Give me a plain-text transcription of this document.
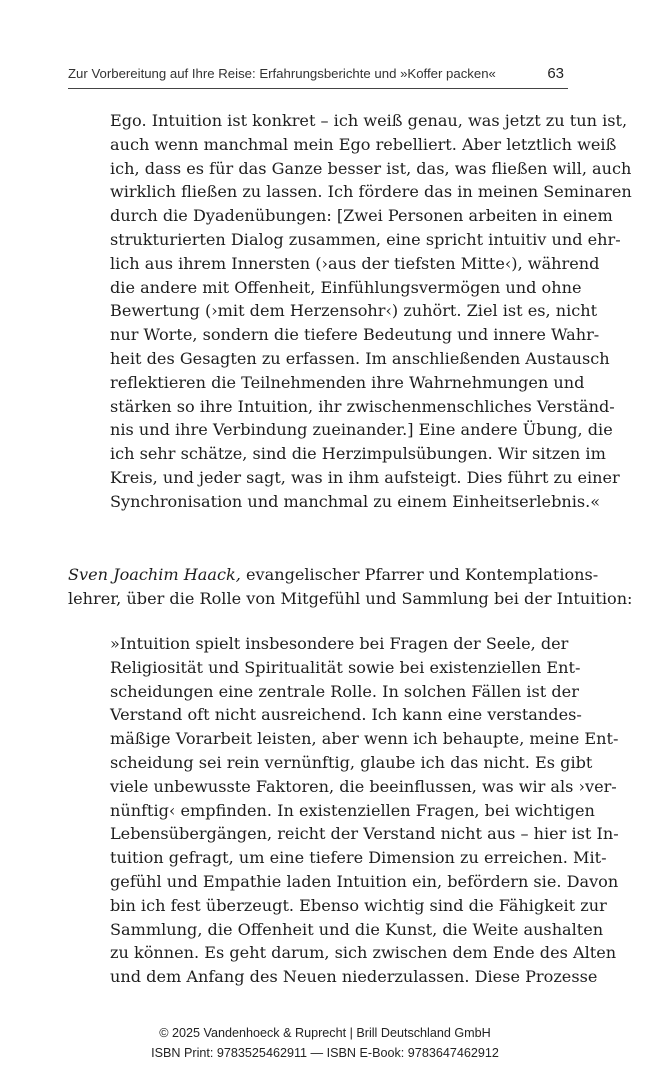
Zur Vorbereitung auf Ihre Reise: Erfahrungsberichte und »Koffer packen«	63
Ego. Intuition ist konkret – ich weiß genau, was jetzt zu tun ist,
auch wenn manchmal mein Ego rebelliert. Aber letztlich weiß
ich, dass es für das Ganze besser ist, das, was fließen will, auch
wirklich fließen zu lassen. Ich fördere das in meinen Seminaren
durch die Dyadenübungen: [Zwei Personen arbeiten in einem
strukturierten Dialog zusammen, eine spricht intuitiv und ehr-
lich aus ihrem Innersten (›aus der tiefsten Mitte‹), während
die andere mit Offenheit, Einfühlungsvermögen und ohne
Bewertung (›mit dem Herzensohr‹) zuhört. Ziel ist es, nicht
nur Worte, sondern die tiefere Bedeutung und innere Wahr-
heit des Gesagten zu erfassen. Im anschließenden Austausch
reflektieren die Teilnehmenden ihre Wahrnehmungen und
stärken so ihre Intuition, ihr zwischenmenschliches Verständ-
nis und ihre Verbindung zueinander.] Eine andere Übung, die
ich sehr schätze, sind die Herzimpulsübungen. Wir sitzen im
Kreis, und jeder sagt, was in ihm aufsteigt. Dies führt zu einer
Synchronisation und manchmal zu einem Einheitserlebnis.«
Sven Joachim Haack, evangelischer Pfarrer und Kontemplations-
lehrer, über die Rolle von Mitgefühl und Sammlung bei der Intuition:
»Intuition spielt insbesondere bei Fragen der Seele, der
Religiosität und Spiritualität sowie bei existenziellen Ent-
scheidungen eine zentrale Rolle. In solchen Fällen ist der
Verstand oft nicht ausreichend. Ich kann eine verstandes-
mäßige Vorarbeit leisten, aber wenn ich behaupte, meine Ent-
scheidung sei rein vernünftig, glaube ich das nicht. Es gibt
viele unbewusste Faktoren, die beeinflussen, was wir als ›ver-
nünftig‹ empfinden. In existenziellen Fragen, bei wichtigen
Lebensübergängen, reicht der Verstand nicht aus – hier ist In-
tuition gefragt, um eine tiefere Dimension zu erreichen. Mit-
gefühl und Empathie laden Intuition ein, befördern sie. Davon
bin ich fest überzeugt. Ebenso wichtig sind die Fähigkeit zur
Sammlung, die Offenheit und die Kunst, die Weite aushalten
zu können. Es geht darum, sich zwischen dem Ende des Alten
und dem Anfang des Neuen niederzulassen. Diese Prozesse
© 2025 Vandenhoeck & Ruprecht | Brill Deutschland GmbH
ISBN Print: 9783525462911 — ISBN E-Book: 9783647462912
